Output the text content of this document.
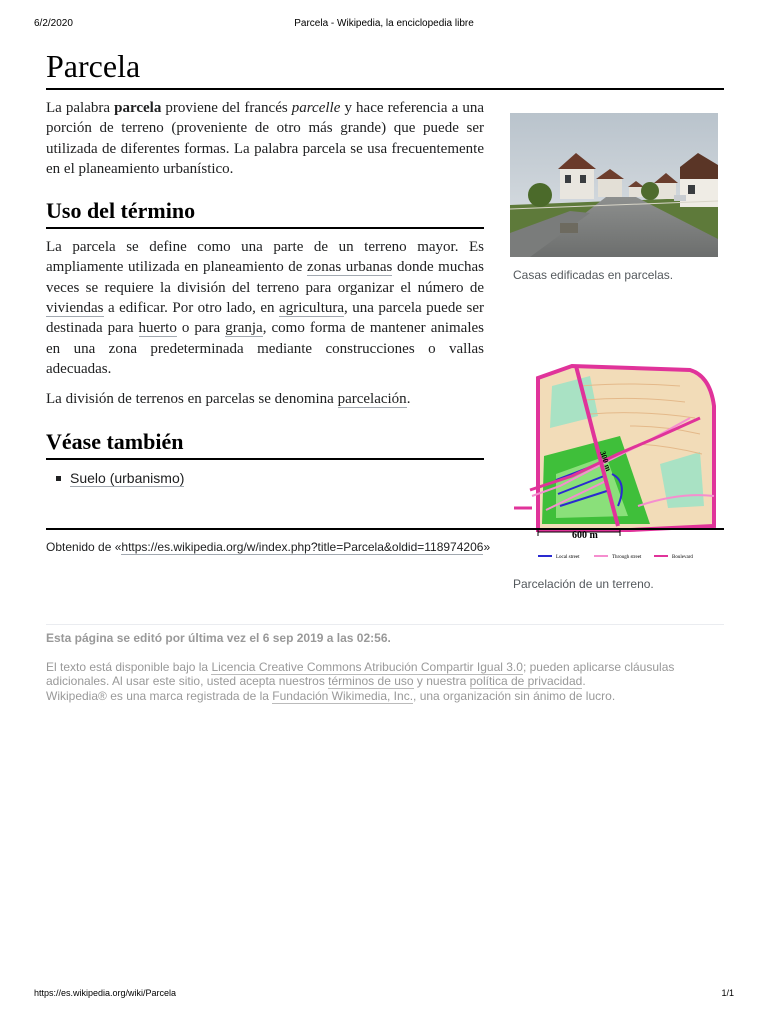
6/2/2020	Parcela - Wikipedia, la enciclopedia libre
Parcela

La palabra parcela proviene del francés parcelle y hace referencia a una porción de terreno (proveniente de otro más grande) que puede ser utilizada de diferentes formas. La palabra parcela se usa frecuentemente en el planeamiento urbanístico.

Uso del término

La parcela se define como una parte de un terreno mayor. Es ampliamente utilizada en planeamiento de zonas urbanas donde muchas veces se requiere la división del terreno para organizar el número de viviendas a edificar. Por otro lado, en agricultura, una parcela puede ser destinada para huerto o para granja, como forma de mantener animales en una zona predeterminada mediante construcciones o vallas adecuadas.

La división de terrenos en parcelas se denomina parcelación.

Véase también
Suelo (urbanismo)
Casas edificadas en parcelas.
600 m
300 m
Local street	Through street	Boulevard
Parcelación de un terreno.
Obtenido de «https://es.wikipedia.org/w/index.php?title=Parcela&oldid=118974206»
Esta página se editó por última vez el 6 sep 2019 a las 02:56.
El texto está disponible bajo la Licencia Creative Commons Atribución Compartir Igual 3.0; pueden aplicarse cláusulas adicionales. Al usar este sitio, usted acepta nuestros términos de uso y nuestra política de privacidad.
Wikipedia® es una marca registrada de la Fundación Wikimedia, Inc., una organización sin ánimo de lucro.
https://es.wikipedia.org/wiki/Parcela	1/1
